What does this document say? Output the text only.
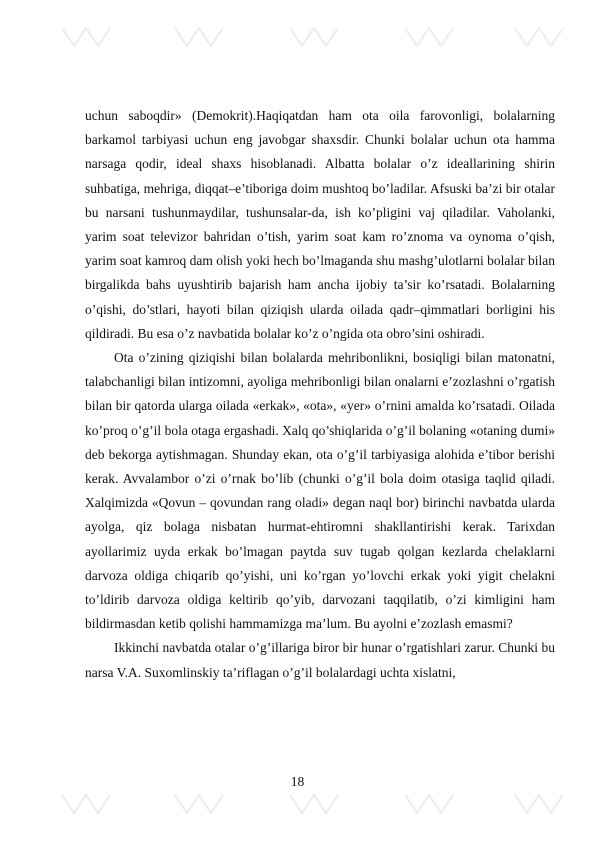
uchun saboqdir» (Demokrit).Haqiqatdan ham ota oila farovonligi, bolalarning barkamol tarbiyasi uchun eng javobgar shaxsdir. Chunki bolalar uchun ota hamma narsaga qodir, ideal shaxs hisoblanadi. Albatta bolalar o’z ideallarining shirin suhbatiga, mehriga, diqqat–e’tiboriga doim mushtoq bo’ladilar. Afsuski ba’zi bir otalar bu narsani tushunmaydilar, tushunsalar-da, ish ko’pligini vaj qiladilar. Vaholanki, yarim soat televizor bahridan o’tish, yarim soat kam ro’znoma va oynoma o’qish, yarim soat kamroq dam olish yoki hech bo’lmaganda shu mashg’ulotlarni bolalar bilan birgalikda bahs uyushtirib bajarish ham ancha ijobiy ta’sir ko’rsatadi. Bolalarning o’qishi, do’stlari, hayoti bilan qiziqish ularda oilada qadr–qimmatlari borligini his qildiradi. Bu esa o’z navbatida bolalar ko’z o’ngida ota obro’sini oshiradi.

Ota o’zining qiziqishi bilan bolalarda mehribonlikni, bosiqligi bilan matonatni, talabchanligi bilan intizomni, ayoliga mehribonligi bilan onalarni e’zozlashni o’rgatish bilan bir qatorda ularga oilada «erkak», «ota», «yer» o’rnini amalda ko’rsatadi. Oilada ko’proq o’g’il bola otaga ergashadi. Xalq qo’shiqlarida o’g’il bolaning «otaning dumi» deb bekorga aytishmagan. Shunday ekan, ota o’g’il tarbiyasiga alohida e’tibor berishi kerak. Avvalambor o’zi o’rnak bo’lib (chunki o’g’il bola doim otasiga taqlid qiladi. Xalqimizda «Qovun – qovundan rang oladi» degan naql bor) birinchi navbatda ularda ayolga, qiz bolaga nisbatan hurmat-ehtiromni shakllantirishi kerak. Tarixdan ayollarimiz uyda erkak bo’lmagan paytda suv tugab qolgan kezlarda chelaklarni darvoza oldiga chiqarib qo’yishi, uni ko’rgan yo’lovchi erkak yoki yigit chelakni to’ldirib darvoza oldiga keltirib qo’yib, darvozani taqqilatib, o’zi kimligini ham bildirmasdan ketib qolishi hammamizga ma’lum. Bu ayolni e’zozlash emasmi?

Ikkinchi navbatda otalar o’g’illariga biror bir hunar o’rgatishlari zarur. Chunki bu narsa V.A. Suxomlinskiy ta’riflagan o’g’il bolalardagi uchta xislatni,

18
